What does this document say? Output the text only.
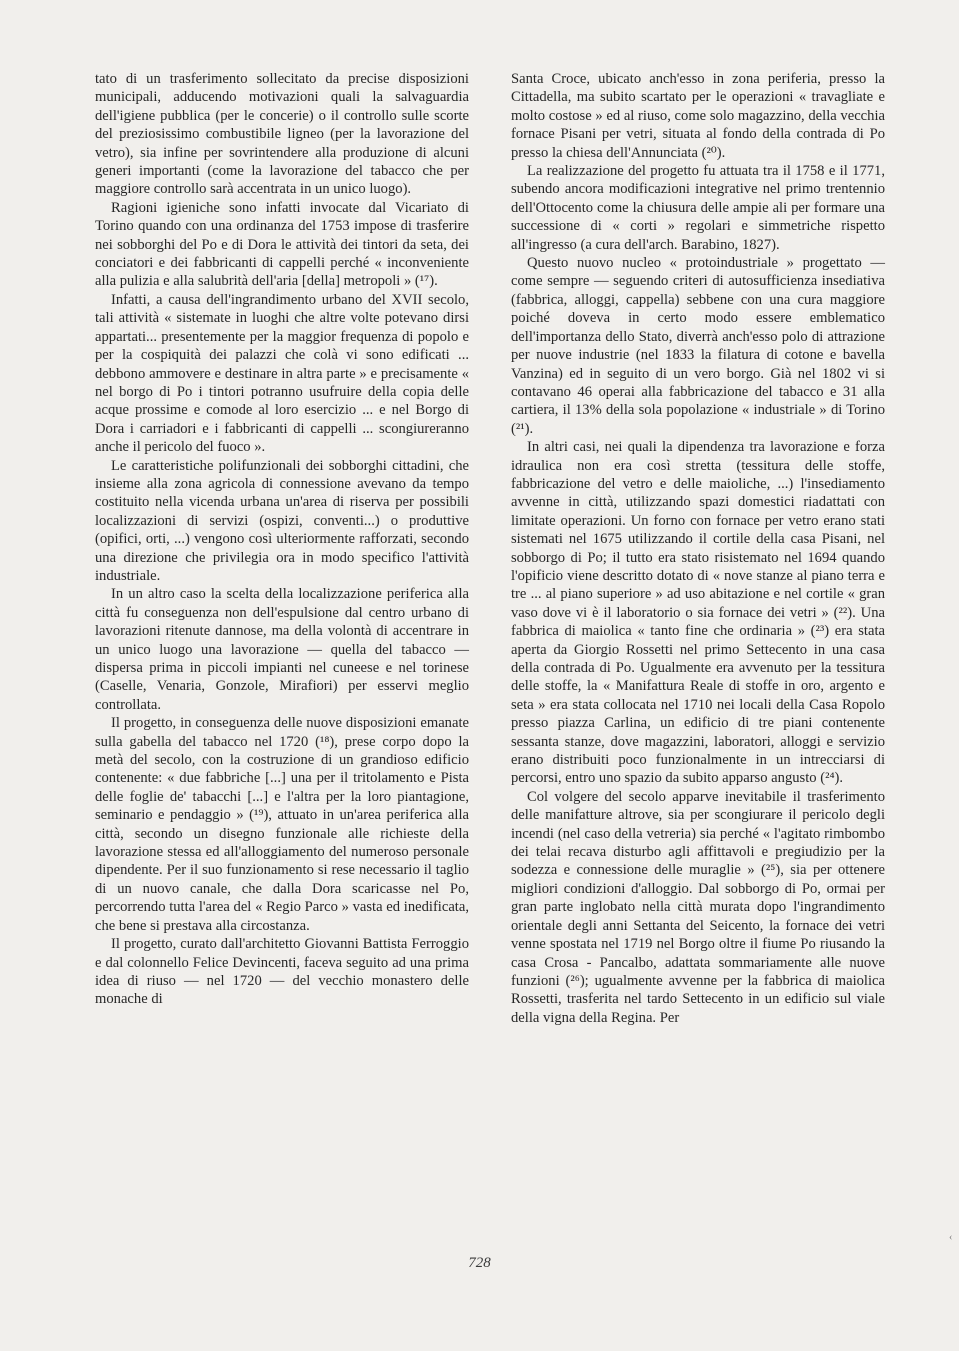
tato di un trasferimento sollecitato da precise disposizioni municipali, adducendo motivazioni quali la salvaguardia dell'igiene pubblica (per le concerie) o il controllo sulle scorte del preziosissimo combustibile ligneo (per la lavorazione del vetro), sia infine per sovrintendere alla produzione di alcuni generi importanti (come la lavorazione del tabacco che per maggiore controllo sarà accentrata in un unico luogo).

Ragioni igieniche sono infatti invocate dal Vicariato di Torino quando con una ordinanza del 1753 impose di trasferire nei sobborghi del Po e di Dora le attività dei tintori da seta, dei conciatori e dei fabbricanti di cappelli perché « inconveniente alla pulizia e alla salubrità dell'aria [della] metropoli » (¹⁷).

Infatti, a causa dell'ingrandimento urbano del XVII secolo, tali attività « sistemate in luoghi che altre volte potevano dirsi appartati... presentemente per la maggior frequenza di popolo e per la cospiquità dei palazzi che colà vi sono edificati ... debbono ammovere e destinare in altra parte » e precisamente « nel borgo di Po i tintori potranno usufruire della copia delle acque prossime e comode al loro esercizio ... e nel Borgo di Dora i carriadori e i fabbricanti di cappelli ... scongiureranno anche il pericolo del fuoco ».

Le caratteristiche polifunzionali dei sobborghi cittadini, che insieme alla zona agricola di connessione avevano da tempo costituito nella vicenda urbana un'area di riserva per possibili localizzazioni di servizi (ospizi, conventi...) o produttive (opifici, orti, ...) vengono così ulteriormente rafforzati, secondo una direzione che privilegia ora in modo specifico l'attività industriale.

In un altro caso la scelta della localizzazione periferica alla città fu conseguenza non dell'espulsione dal centro urbano di lavorazioni ritenute dannose, ma della volontà di accentrare in un unico luogo una lavorazione — quella del tabacco — dispersa prima in piccoli impianti nel cuneese e nel torinese (Caselle, Venaria, Gonzole, Mirafiori) per esservi meglio controllata.

Il progetto, in conseguenza delle nuove disposizioni emanate sulla gabella del tabacco nel 1720 (¹⁸), prese corpo dopo la metà del secolo, con la costruzione di un grandioso edificio contenente: « due fabbriche [...] una per il tritolamento e Pista delle foglie de' tabacchi [...] e l'altra per la loro piantagione, seminario e pendaggio » (¹⁹), attuato in un'area periferica alla città, secondo un disegno funzionale alle richieste della lavorazione stessa ed all'alloggiamento del numeroso personale dipendente. Per il suo funzionamento si rese necessario il taglio di un nuovo canale, che dalla Dora scaricasse nel Po, percorrendo tutta l'area del « Regio Parco » vasta ed inedificata, che bene si prestava alla circostanza.

Il progetto, curato dall'architetto Giovanni Battista Ferroggio e dal colonnello Felice Devincenti, faceva seguito ad una prima idea di riuso — nel 1720 — del vecchio monastero delle monache di

Santa Croce, ubicato anch'esso in zona periferia, presso la Cittadella, ma subito scartato per le operazioni « travagliate e molto costose » ed al riuso, come solo magazzino, della vecchia fornace Pisani per vetri, situata al fondo della contrada di Po presso la chiesa dell'Annunciata (²⁰).

La realizzazione del progetto fu attuata tra il 1758 e il 1771, subendo ancora modificazioni integrative nel primo trentennio dell'Ottocento come la chiusura delle ampie ali per formare una successione di « corti » regolari e simmetriche rispetto all'ingresso (a cura dell'arch. Barabino, 1827).

Questo nuovo nucleo « protoindustriale » progettato — come sempre — seguendo criteri di autosufficienza insediativa (fabbrica, alloggi, cappella) sebbene con una cura maggiore poiché doveva in certo modo essere emblematico dell'importanza dello Stato, diverrà anch'esso polo di attrazione per nuove industrie (nel 1833 la filatura di cotone e bavella Vanzina) ed in seguito di un vero borgo. Già nel 1802 vi si contavano 46 operai alla fabbricazione del tabacco e 31 alla cartiera, il 13% della sola popolazione « industriale » di Torino (²¹).

In altri casi, nei quali la dipendenza tra lavorazione e forza idraulica non era così stretta (tessitura delle stoffe, fabbricazione del vetro e delle maioliche, ...) l'insediamento avvenne in città, utilizzando spazi domestici riadattati con limitate operazioni. Un forno con fornace per vetro erano stati sistemati nel 1675 utilizzando il cortile della casa Pisani, nel sobborgo di Po; il tutto era stato risistemato nel 1694 quando l'opificio viene descritto dotato di « nove stanze al piano terra e tre ... al piano superiore » ad uso abitazione e nel cortile « gran vaso dove vi è il laboratorio o sia fornace dei vetri » (²²). Una fabbrica di maiolica « tanto fine che ordinaria » (²³) era stata aperta da Giorgio Rossetti nel primo Settecento in una casa della contrada di Po. Ugualmente era avvenuto per la tessitura delle stoffe, la « Manifattura Reale di stoffe in oro, argento e seta » era stata collocata nel 1710 nei locali della Casa Ropolo presso piazza Carlina, un edificio di tre piani contenente sessanta stanze, dove magazzini, laboratori, alloggi e servizio erano distribuiti poco funzionalmente in un intrecciarsi di percorsi, entro uno spazio da subito apparso angusto (²⁴).

Col volgere del secolo apparve inevitabile il trasferimento delle manifatture altrove, sia per scongiurare il pericolo degli incendi (nel caso della vetreria) sia perché « l'agitato rimbombo dei telai recava disturbo agli affittavoli e pregiudizio per la sodezza e connessione delle muraglie » (²⁵), sia per ottenere migliori condizioni d'alloggio. Dal sobborgo di Po, ormai per gran parte inglobato nella città murata dopo l'ingrandimento orientale degli anni Settanta del Seicento, la fornace dei vetri venne spostata nel 1719 nel Borgo oltre il fiume Po riusando la casa Crosa - Pancalbo, adattata sommariamente alle nuove funzioni (²⁶); ugualmente avvenne per la fabbrica di maiolica Rossetti, trasferita nel tardo Settecento in un edificio sul viale della vigna della Regina. Per

728
‹
